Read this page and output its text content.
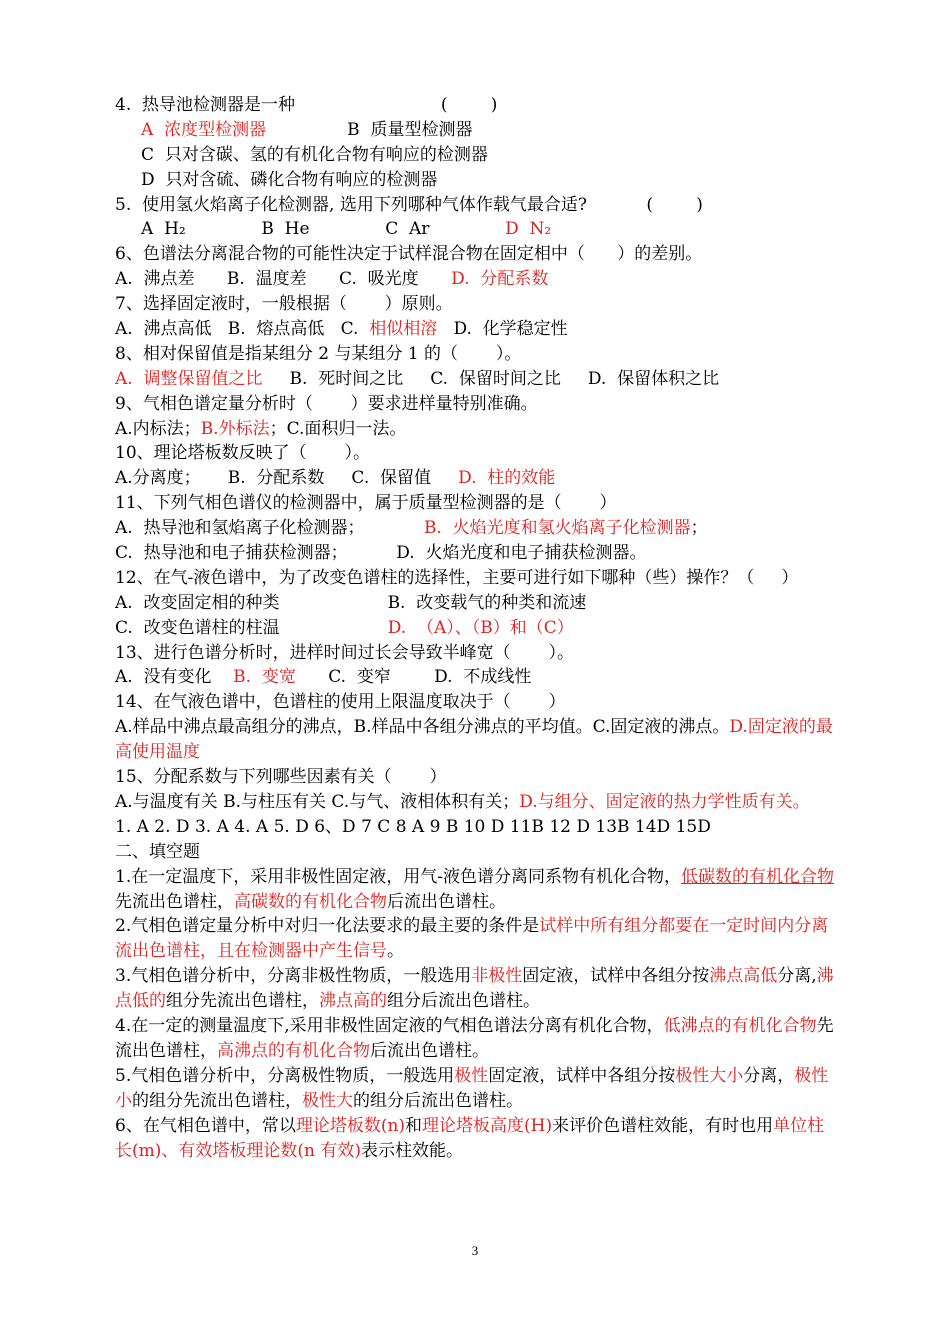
4.  热导池检测器是一种                           (        )
A  浓度型检测器               B  质量型检测器
C  只对含碳、氢的有机化合物有响应的检测器
D  只对含硫、磷化合物有响应的检测器
5.  使用氢火焰离子化检测器, 选用下列哪种气体作载气最合适?           (        )
A  H₂              B  He              C  Ar              D  N₂
6、色谱法分离混合物的可能性决定于试样混合物在固定相中（      ）的差别。
A.  沸点差      B.  温度差      C.  吸光度      D.  分配系数
7、选择固定液时，一般根据（       ）原则。
A.  沸点高低   B.  熔点高低   C.  相似相溶   D.  化学稳定性
8、相对保留值是指某组分 2 与某组分 1 的（       ）。
A.  调整保留值之比     B.  死时间之比     C.  保留时间之比     D.  保留体积之比
9、气相色谱定量分析时（       ）要求进样量特别准确。
A.内标法；B.外标法；C.面积归一法。
10、理论塔板数反映了（       ）。
A.分离度；     B.  分配系数     C.  保留值     D.  柱的效能
11、下列气相色谱仪的检测器中，属于质量型检测器的是（       ）
A.  热导池和氢焰离子化检测器；           B.  火焰光度和氢火焰离子化检测器；
C.  热导池和电子捕获检测器；         D.  火焰光度和电子捕获检测器。
12、在气-液色谱中，为了改变色谱柱的选择性，主要可进行如下哪种（些）操作？（     ）
A.  改变固定相的种类                    B.  改变载气的种类和流速
C.  改变色谱柱的柱温                    D.  （A）、（B）和（C）
13、进行色谱分析时，进样时间过长会导致半峰宽（       ）。
A.  没有变化    B.  变宽      C.  变窄        D.  不成线性
14、在气液色谱中，色谱柱的使用上限温度取决于（       ）
A.样品中沸点最高组分的沸点，B.样品中各组分沸点的平均值。C.固定液的沸点。D.固定液的最高使用温度
15、分配系数与下列哪些因素有关（       ）
A.与温度有关 B.与柱压有关 C.与气、液相体积有关；D.与组分、固定液的热力学性质有关。
1. A 2. D 3. A 4. A 5. D 6、D 7 C 8 A 9 B 10 D 11B 12 D 13B 14D 15D
二、填空题
1.在一定温度下，采用非极性固定液，用气-液色谱分离同系物有机化合物，低碳数的有机化合物先流出色谱柱，高碳数的有机化合物后流出色谱柱。
2.气相色谱定量分析中对归一化法要求的最主要的条件是试样中所有组分都要在一定时间内分离流出色谱柱，且在检测器中产生信号。
3.气相色谱分析中，分离非极性物质，一般选用非极性固定液，试样中各组分按沸点高低分离,沸点低的组分先流出色谱柱，沸点高的组分后流出色谱柱。
4.在一定的测量温度下,采用非极性固定液的气相色谱法分离有机化合物，低沸点的有机化合物先流出色谱柱，高沸点的有机化合物后流出色谱柱。
5.气相色谱分析中，分离极性物质，一般选用极性固定液，试样中各组分按极性大小分离，极性小的组分先流出色谱柱，极性大的组分后流出色谱柱。
6、在气相色谱中，常以理论塔板数(n)和理论塔板高度(H)来评价色谱柱效能，有时也用单位柱长(m)、有效塔板理论数(n 有效)表示柱效能。
3
